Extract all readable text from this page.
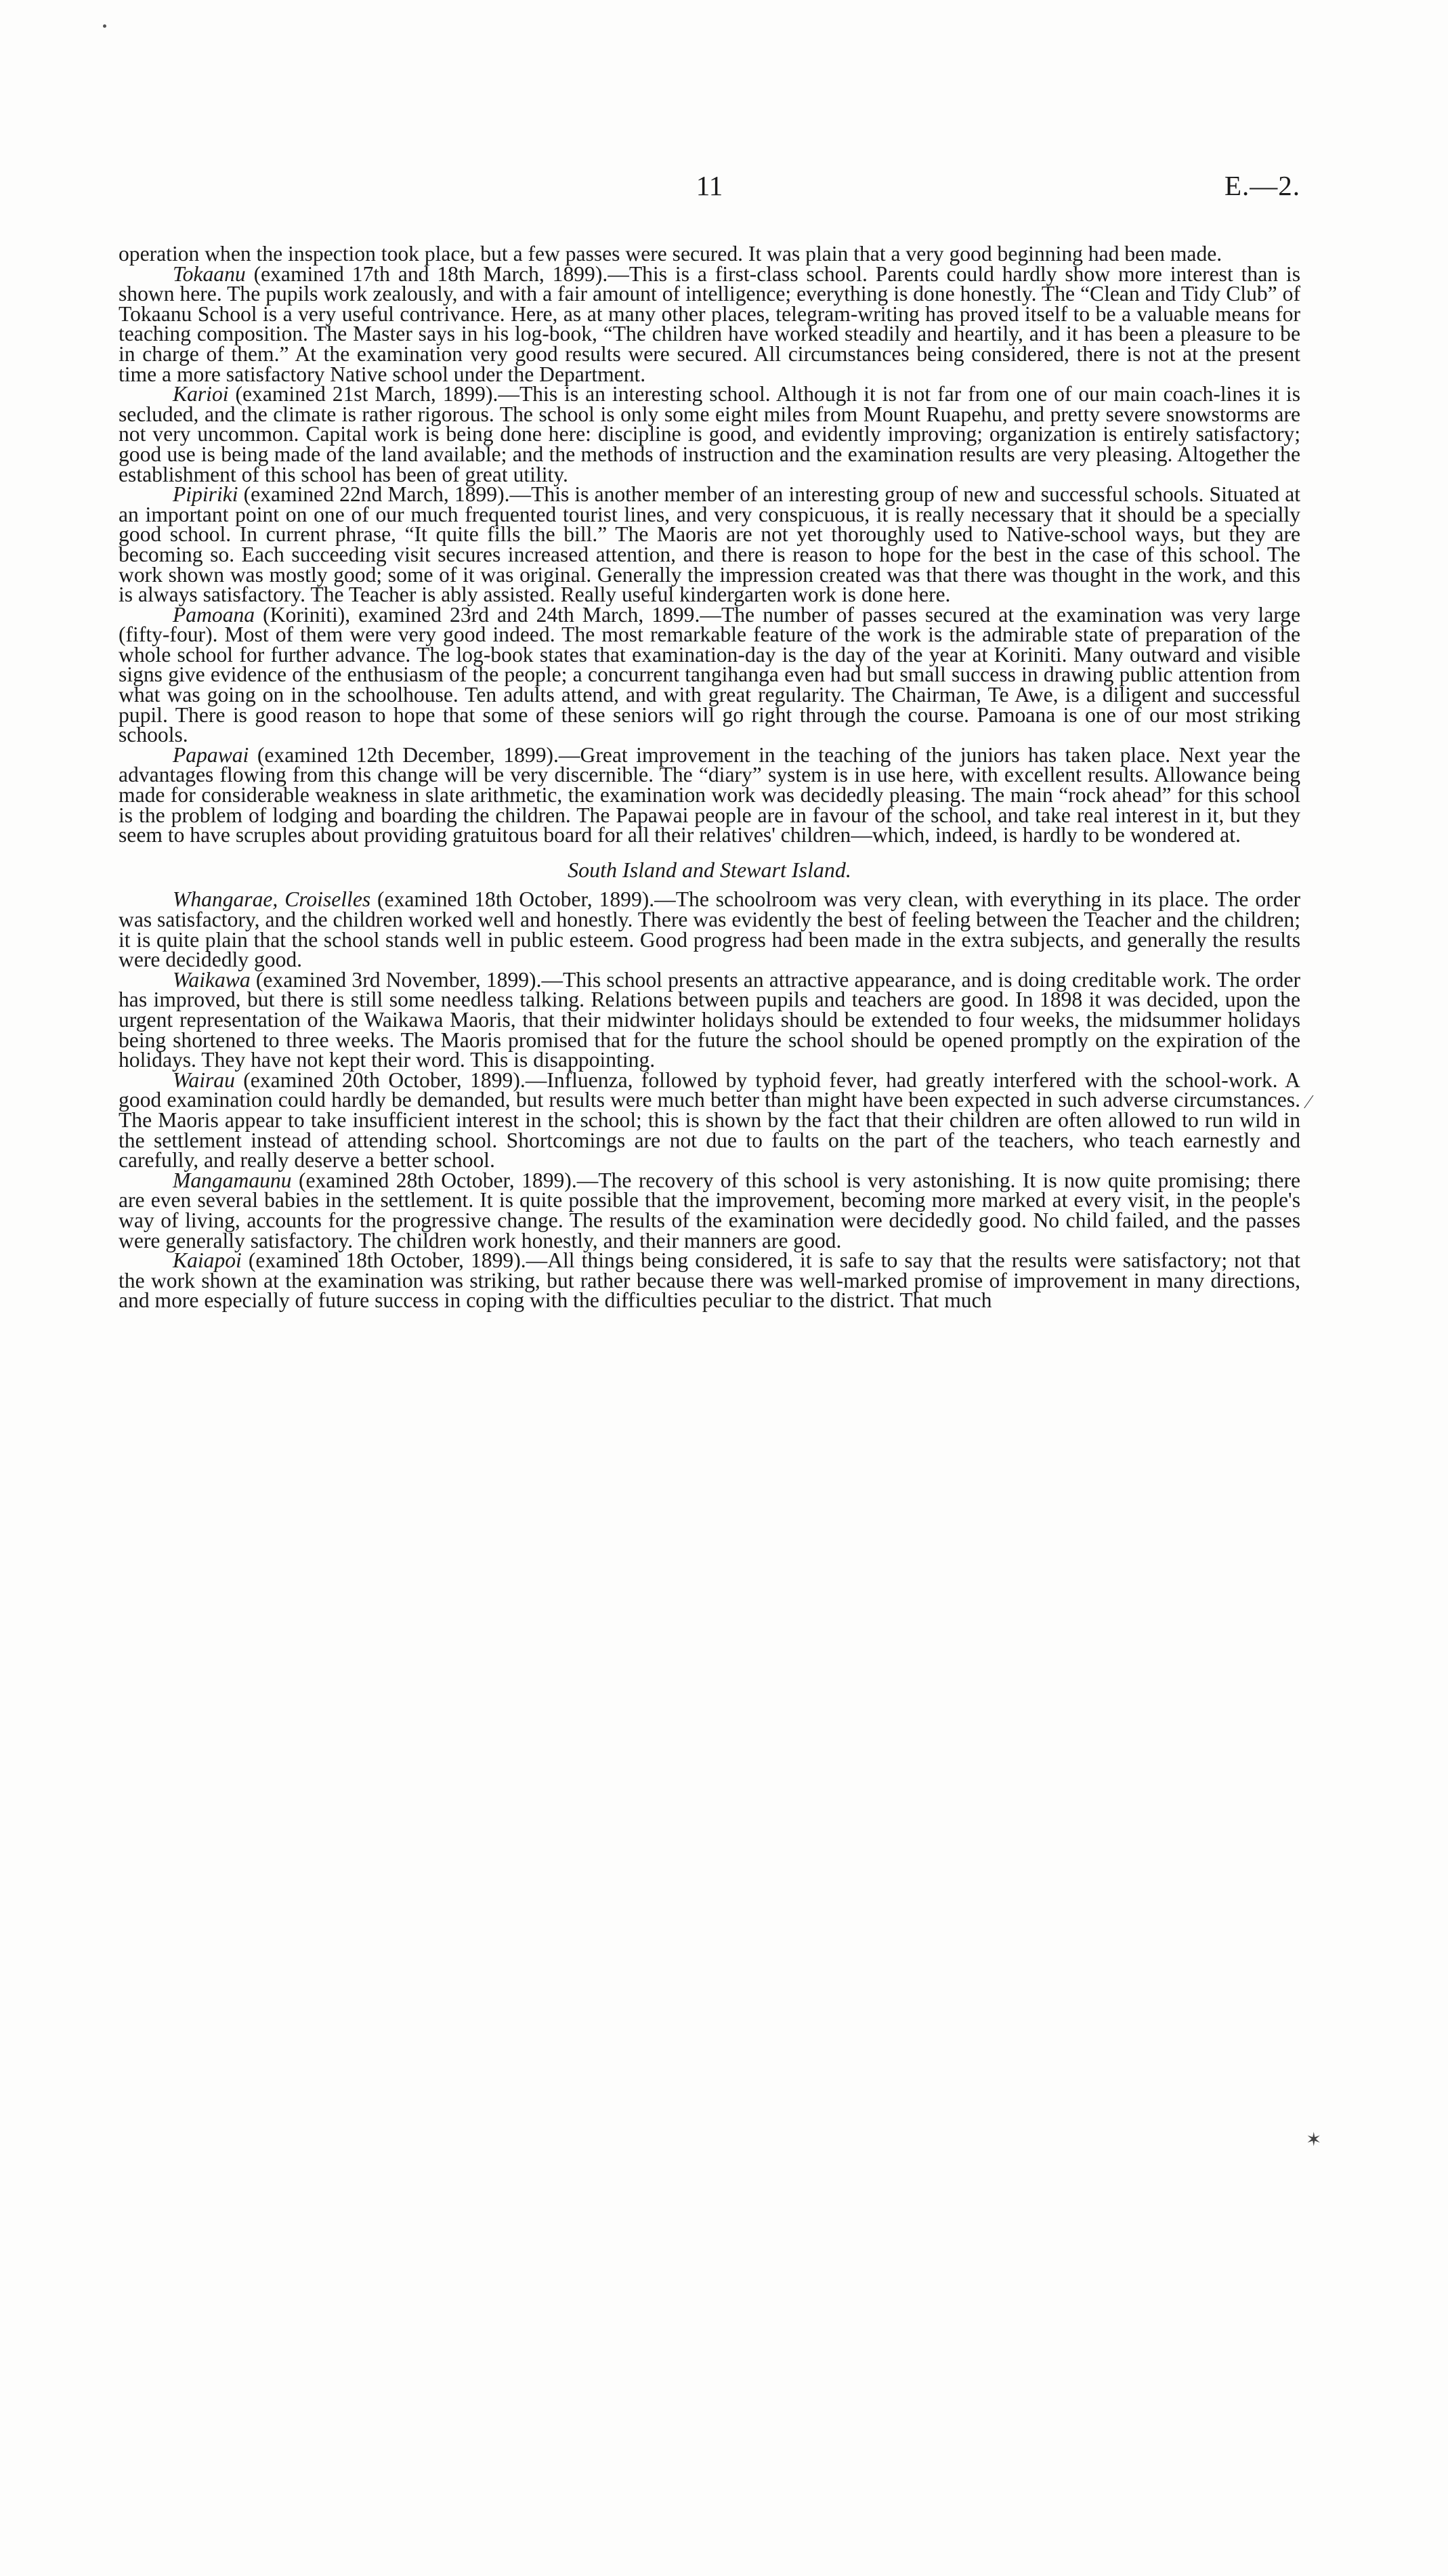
11	E.—2.

operation when the inspection took place, but a few passes were secured. It was plain that a very good beginning had been made.

Tokaanu (examined 17th and 18th March, 1899).—This is a first-class school. Parents could hardly show more interest than is shown here. The pupils work zealously, and with a fair amount of intelligence; everything is done honestly. The “Clean and Tidy Club” of Tokaanu School is a very useful contrivance. Here, as at many other places, telegram-writing has proved itself to be a valuable means for teaching composition. The Master says in his log-book, “The children have worked steadily and heartily, and it has been a pleasure to be in charge of them.” At the examination very good results were secured. All circumstances being considered, there is not at the present time a more satisfactory Native school under the Department.

Karioi (examined 21st March, 1899).—This is an interesting school. Although it is not far from one of our main coach-lines it is secluded, and the climate is rather rigorous. The school is only some eight miles from Mount Ruapehu, and pretty severe snowstorms are not very uncommon. Capital work is being done here: discipline is good, and evidently improving; organization is entirely satisfactory; good use is being made of the land available; and the methods of instruction and the examination results are very pleasing. Altogether the establishment of this school has been of great utility.

Pipiriki (examined 22nd March, 1899).—This is another member of an interesting group of new and successful schools. Situated at an important point on one of our much frequented tourist lines, and very conspicuous, it is really necessary that it should be a specially good school. In current phrase, “It quite fills the bill.” The Maoris are not yet thoroughly used to Native-school ways, but they are becoming so. Each succeeding visit secures increased attention, and there is reason to hope for the best in the case of this school. The work shown was mostly good; some of it was original. Generally the impression created was that there was thought in the work, and this is always satisfactory. The Teacher is ably assisted. Really useful kindergarten work is done here.

Pamoana (Koriniti), examined 23rd and 24th March, 1899.—The number of passes secured at the examination was very large (fifty-four). Most of them were very good indeed. The most remarkable feature of the work is the admirable state of preparation of the whole school for further advance. The log-book states that examination-day is the day of the year at Koriniti. Many outward and visible signs give evidence of the enthusiasm of the people; a concurrent tangihanga even had but small success in drawing public attention from what was going on in the schoolhouse. Ten adults attend, and with great regularity. The Chairman, Te Awe, is a diligent and successful pupil. There is good reason to hope that some of these seniors will go right through the course. Pamoana is one of our most striking schools.

Papawai (examined 12th December, 1899).—Great improvement in the teaching of the juniors has taken place. Next year the advantages flowing from this change will be very discernible. The “diary” system is in use here, with excellent results. Allowance being made for considerable weakness in slate arithmetic, the examination work was decidedly pleasing. The main “rock ahead” for this school is the problem of lodging and boarding the children. The Papawai people are in favour of the school, and take real interest in it, but they seem to have scruples about providing gratuitous board for all their relatives' children—which, indeed, is hardly to be wondered at.

South Island and Stewart Island.

Whangarae, Croiselles (examined 18th October, 1899).—The schoolroom was very clean, with everything in its place. The order was satisfactory, and the children worked well and honestly. There was evidently the best of feeling between the Teacher and the children; it is quite plain that the school stands well in public esteem. Good progress had been made in the extra subjects, and generally the results were decidedly good.

Waikawa (examined 3rd November, 1899).—This school presents an attractive appearance, and is doing creditable work. The order has improved, but there is still some needless talking. Relations between pupils and teachers are good. In 1898 it was decided, upon the urgent representation of the Waikawa Maoris, that their midwinter holidays should be extended to four weeks, the midsummer holidays being shortened to three weeks. The Maoris promised that for the future the school should be opened promptly on the expiration of the holidays. They have not kept their word. This is disappointing.

Wairau (examined 20th October, 1899).—Influenza, followed by typhoid fever, had greatly interfered with the school-work. A good examination could hardly be demanded, but results were much better than might have been expected in such adverse circumstances. The Maoris appear to take insufficient interest in the school; this is shown by the fact that their children are often allowed to run wild in the settlement instead of attending school. Shortcomings are not due to faults on the part of the teachers, who teach earnestly and carefully, and really deserve a better school.

Mangamaunu (examined 28th October, 1899).—The recovery of this school is very astonishing. It is now quite promising; there are even several babies in the settlement. It is quite possible that the improvement, becoming more marked at every visit, in the people's way of living, accounts for the progressive change. The results of the examination were decidedly good. No child failed, and the passes were generally satisfactory. The children work honestly, and their manners are good.

Kaiapoi (examined 18th October, 1899).—All things being considered, it is safe to say that the results were satisfactory; not that the work shown at the examination was striking, but rather because there was well-marked promise of improvement in many directions, and more especially of future success in coping with the difficulties peculiar to the district. That much

⁄
✶
